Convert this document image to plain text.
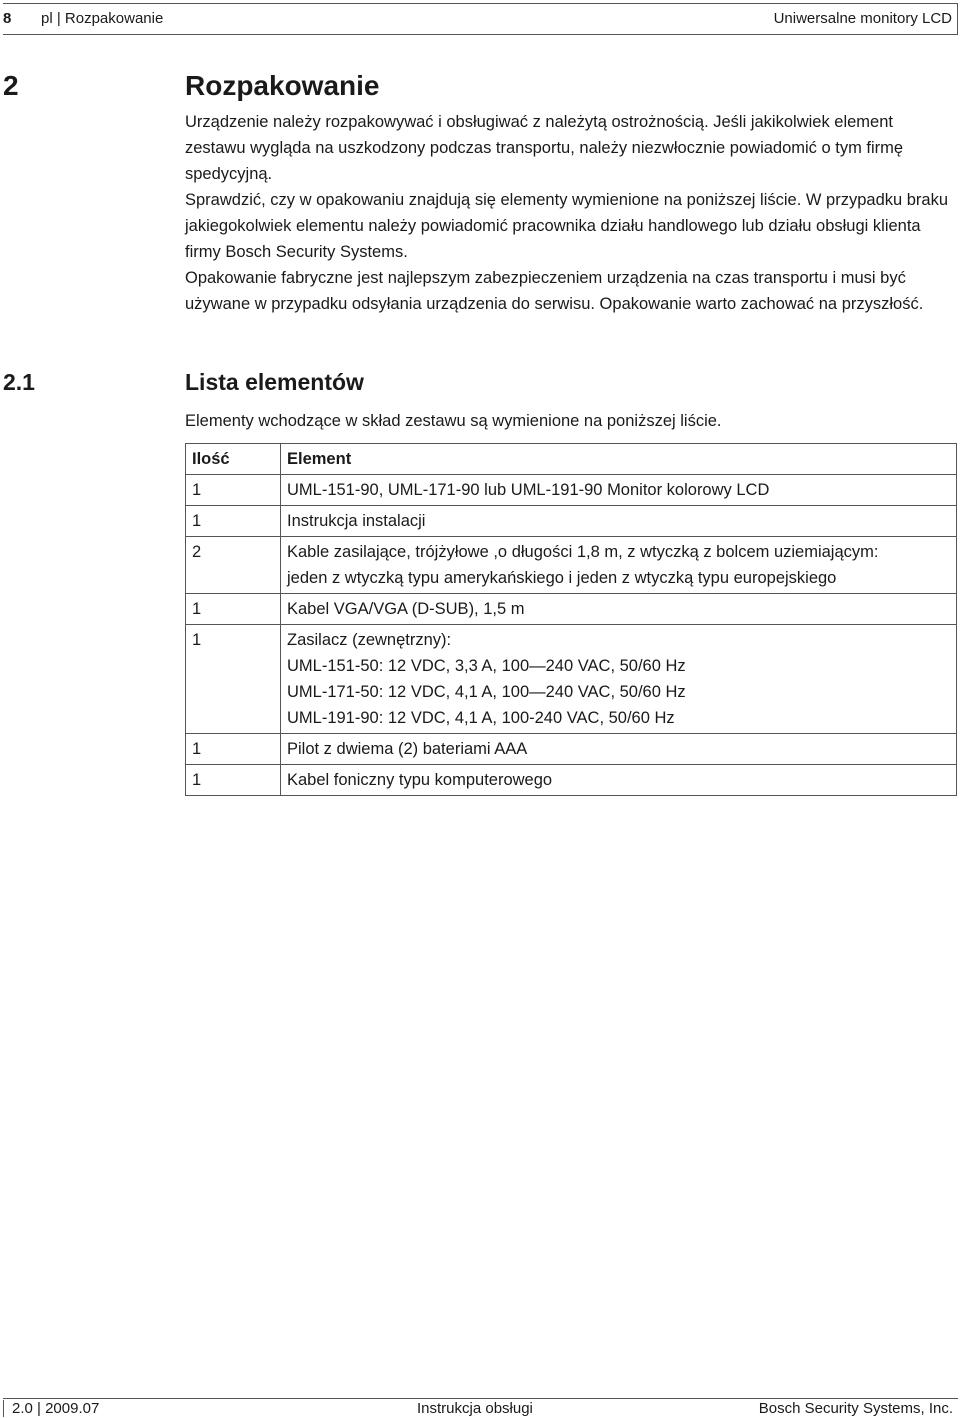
8 pl | Rozpakowanie	Uniwersalne monitory LCD
2	Rozpakowanie
Urządzenie należy rozpakowywać i obsługiwać z należytą ostrożnością. Jeśli jakikolwiek element zestawu wygląda na uszkodzony podczas transportu, należy niezwłocznie powiadomić o tym firmę spedycyjną.
Sprawdzić, czy w opakowaniu znajdują się elementy wymienione na poniższej liście. W przypadku braku jakiegokolwiek elementu należy powiadomić pracownika działu handlowego lub działu obsługi klienta firmy Bosch Security Systems.
Opakowanie fabryczne jest najlepszym zabezpieczeniem urządzenia na czas transportu i musi być używane w przypadku odsyłania urządzenia do serwisu. Opakowanie warto zachować na przyszłość.
2.1	Lista elementów
Elementy wchodzące w skład zestawu są wymienione na poniższej liście.
Ilość	Element
1	UML-151-90, UML-171-90 lub UML-191-90 Monitor kolorowy LCD

1	Instrukcja instalacji

2	Kable zasilające, trójżyłowe ,o długości 1,8 m, z wtyczką z bolcem uziemiającym:
jeden z wtyczką typu amerykańskiego i jeden z wtyczką typu europejskiego

1	Kabel VGA/VGA (D-SUB), 1,5 m

1	Zasilacz (zewnętrzny):
UML-151-50: 12 VDC, 3,3 A, 100—240 VAC, 50/60 Hz
UML-171-50: 12 VDC, 4,1 A, 100—240 VAC, 50/60 Hz
UML-191-90: 12 VDC, 4,1 A, 100-240 VAC, 50/60 Hz

1	Pilot z dwiema (2) bateriami AAA

1	Kabel foniczny typu komputerowego
2.0 | 2009.07	Instrukcja obsługi	Bosch Security Systems, Inc.
